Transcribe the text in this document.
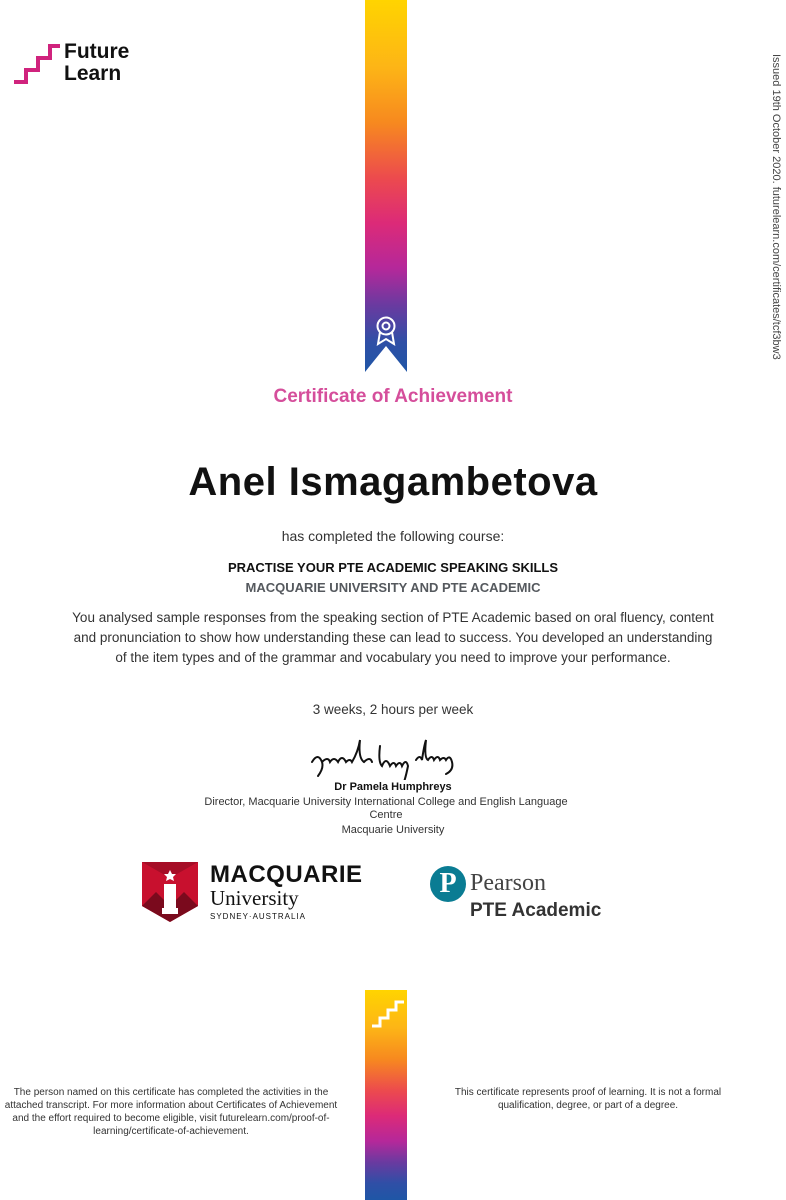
Future
Learn	Issued 19th October 2020. futurelearn.com/certificates/tcf3bw3
Certificate of Achievement
Anel Ismagambetova
has completed the following course:
PRACTISE YOUR PTE ACADEMIC SPEAKING SKILLS
MACQUARIE UNIVERSITY AND PTE ACADEMIC
You analysed sample responses from the speaking section of PTE Academic based on oral fluency, content and pronunciation to show how understanding these can lead to success. You developed an understanding of the item types and of the grammar and vocabulary you need to improve your performance.
3 weeks, 2 hours per week
Dr Pamela Humphreys
Director, Macquarie University International College and English Language Centre
Macquarie University
MACQUARIE
University
SYDNEY·AUSTRALIA
P Pearson
PTE Academic
The person named on this certificate has completed the activities in the attached transcript. For more information about Certificates of Achievement and the effort required to become eligible, visit futurelearn.com/proof-of-learning/certificate-of-achievement.
This certificate represents proof of learning. It is not a formal qualification, degree, or part of a degree.
